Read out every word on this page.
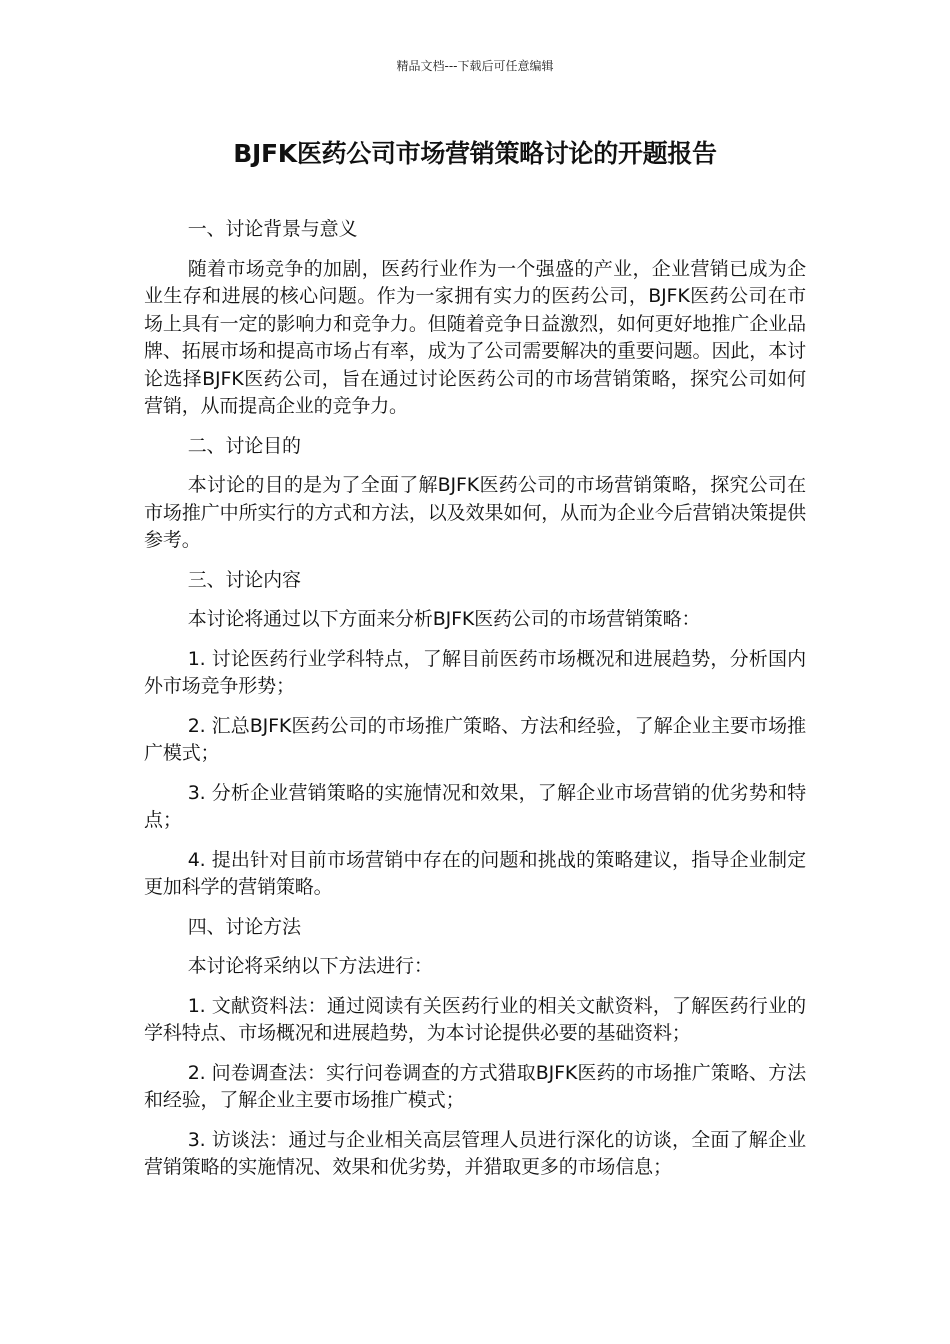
精品文档---下载后可任意编辑
BJFK医药公司市场营销策略讨论的开题报告

一、讨论背景与意义

随着市场竞争的加剧，医药行业作为一个强盛的产业，企业营销已成为企业生存和进展的核心问题。作为一家拥有实力的医药公司，BJFK医药公司在市场上具有一定的影响力和竞争力。但随着竞争日益激烈，如何更好地推广企业品牌、拓展市场和提高市场占有率，成为了公司需要解决的重要问题。因此，本讨论选择BJFK医药公司，旨在通过讨论医药公司的市场营销策略，探究公司如何营销，从而提高企业的竞争力。

二、讨论目的

本讨论的目的是为了全面了解BJFK医药公司的市场营销策略，探究公司在市场推广中所实行的方式和方法，以及效果如何，从而为企业今后营销决策提供参考。

三、讨论内容

本讨论将通过以下方面来分析BJFK医药公司的市场营销策略：

1. 讨论医药行业学科特点，了解目前医药市场概况和进展趋势，分析国内外市场竞争形势；

2. 汇总BJFK医药公司的市场推广策略、方法和经验，了解企业主要市场推广模式；

3. 分析企业营销策略的实施情况和效果，了解企业市场营销的优劣势和特点；

4. 提出针对目前市场营销中存在的问题和挑战的策略建议，指导企业制定更加科学的营销策略。

四、讨论方法

本讨论将采纳以下方法进行：

1. 文献资料法：通过阅读有关医药行业的相关文献资料，了解医药行业的学科特点、市场概况和进展趋势，为本讨论提供必要的基础资料；

2. 问卷调查法：实行问卷调查的方式猎取BJFK医药的市场推广策略、方法和经验，了解企业主要市场推广模式；

3. 访谈法：通过与企业相关高层管理人员进行深化的访谈，全面了解企业营销策略的实施情况、效果和优劣势，并猎取更多的市场信息；
